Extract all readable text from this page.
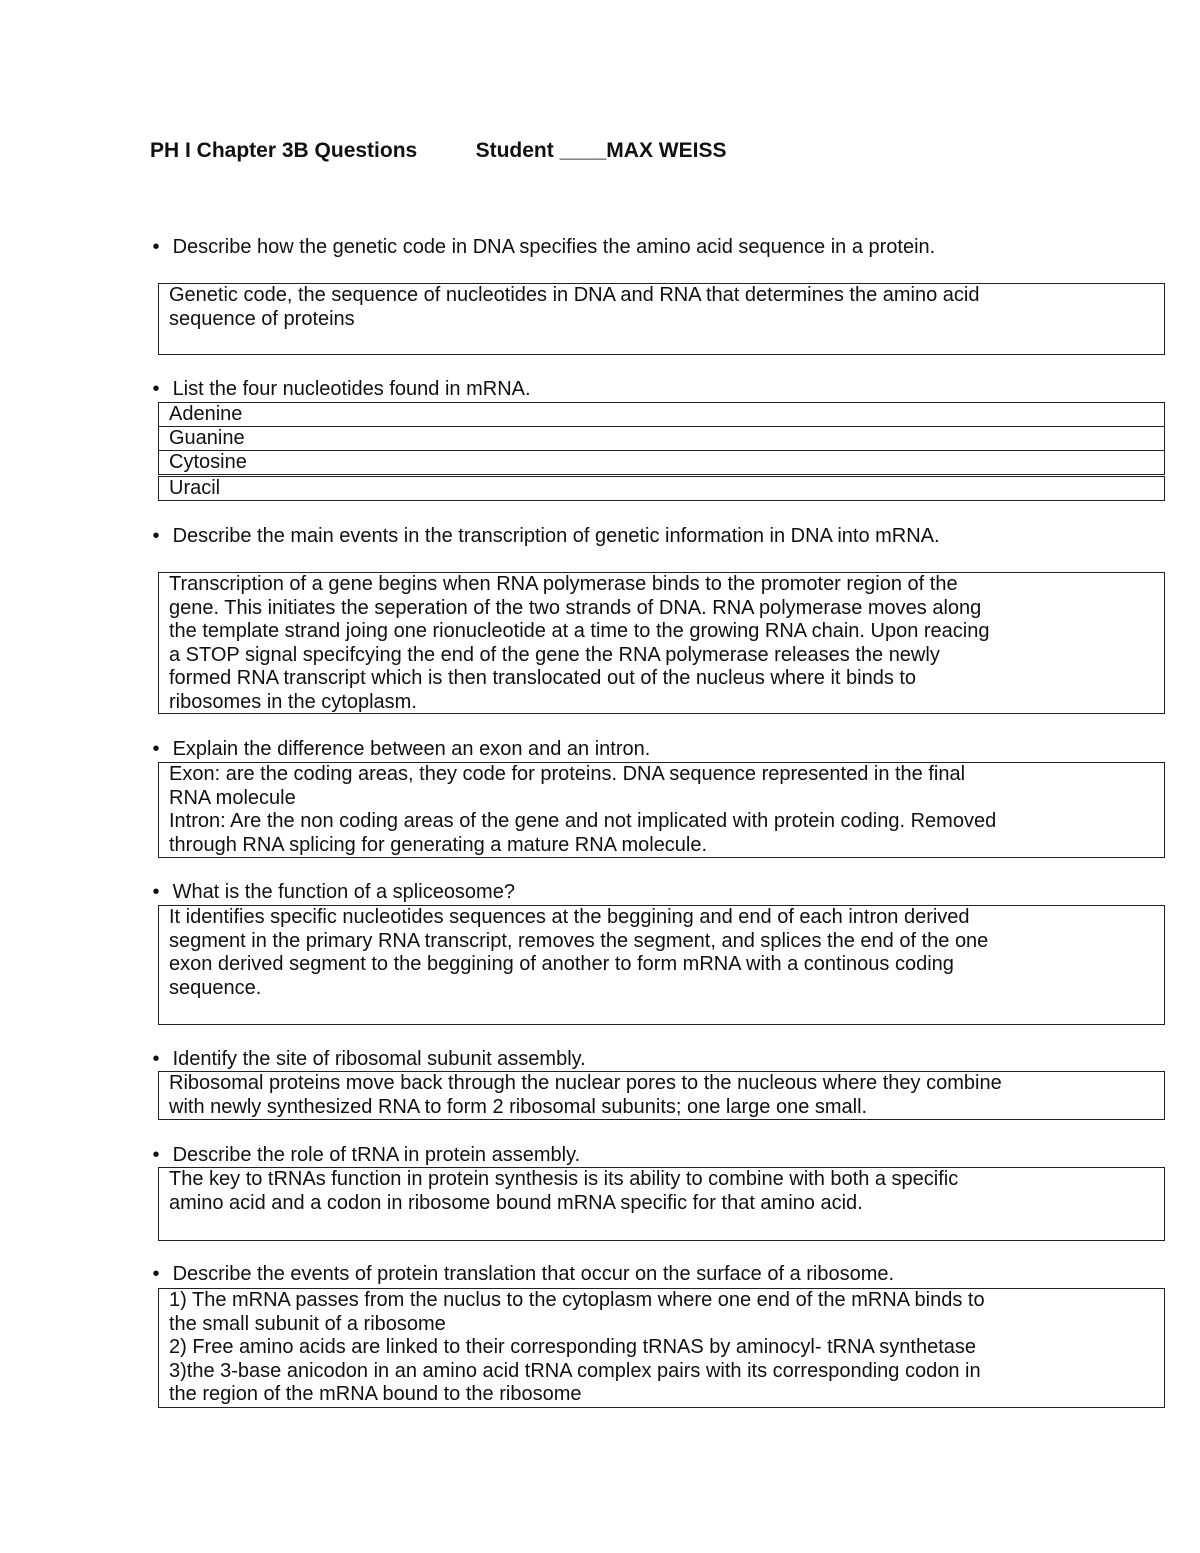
PH I Chapter 3B Questions	Student ____MAX WEISS
• Describe how the genetic code in DNA specifies the amino acid sequence in a protein.
Genetic code, the sequence of nucleotides in DNA and RNA that determines the amino acid
sequence of proteins
• List the four nucleotides found in mRNA.
Adenine
Guanine
Cytosine
Uracil
• Describe the main events in the transcription of genetic information in DNA into mRNA.
Transcription of a gene begins when RNA polymerase binds to the promoter region of the
gene. This initiates the seperation of the two strands of DNA. RNA polymerase moves along
the template strand joing one rionucleotide at a time to the growing RNA chain. Upon reacing
a STOP signal specifcying the end of the gene the RNA polymerase releases the newly
formed RNA transcript which is then translocated out of the nucleus where it binds to
ribosomes in the cytoplasm.
• Explain the difference between an exon and an intron.
Exon: are the coding areas, they code for proteins. DNA sequence represented in the final
RNA molecule
Intron: Are the non coding areas of the gene and not implicated with protein coding. Removed
through RNA splicing for generating a mature RNA molecule.
• What is the function of a spliceosome?
It identifies specific nucleotides sequences at the beggining and end of each intron derived
segment in the primary RNA transcript, removes the segment, and splices the end of the one
exon derived segment to the beggining of another to form mRNA with a continous coding
sequence.
• Identify the site of ribosomal subunit assembly.
Ribosomal proteins move back through the nuclear pores to the nucleous where they combine
with newly synthesized RNA to form 2 ribosomal subunits; one large one small.
• Describe the role of tRNA in protein assembly.
The key to tRNAs function in protein synthesis is its ability to combine with both a specific
amino acid and a codon in ribosome bound mRNA specific for that amino acid.
• Describe the events of protein translation that occur on the surface of a ribosome.
1) The mRNA passes from the nuclus to the cytoplasm where one end of the mRNA binds to
the small subunit of a ribosome
2) Free amino acids are linked to their corresponding tRNAS by aminocyl- tRNA synthetase
3)the 3-base anicodon in an amino acid tRNA complex pairs with its corresponding codon in
the region of the mRNA bound to the ribosome
